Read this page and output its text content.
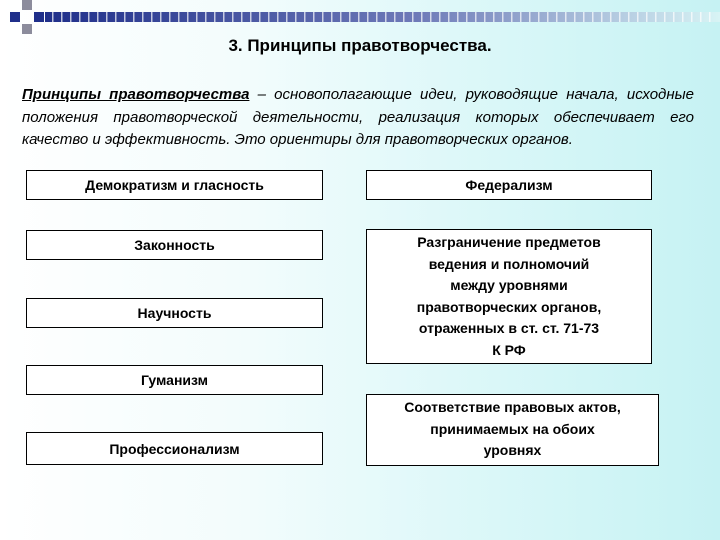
3. Принципы правотворчества.

Принципы правотворчества – основополагающие идеи, руководящие начала, исходные положения правотворческой деятельности, реализация которых обеспечивает его качество и эффективность. Это ориентиры для правотворческих органов.

Демократизм и гласность
Законность
Научность
Гуманизм
Профессионализм
Федерализм
Разграничение предметов
ведения и полномочий
между уровнями
правотворческих органов,
отраженных в ст. ст. 71-73
К РФ
Соответствие правовых актов,
принимаемых на обоих
уровнях
